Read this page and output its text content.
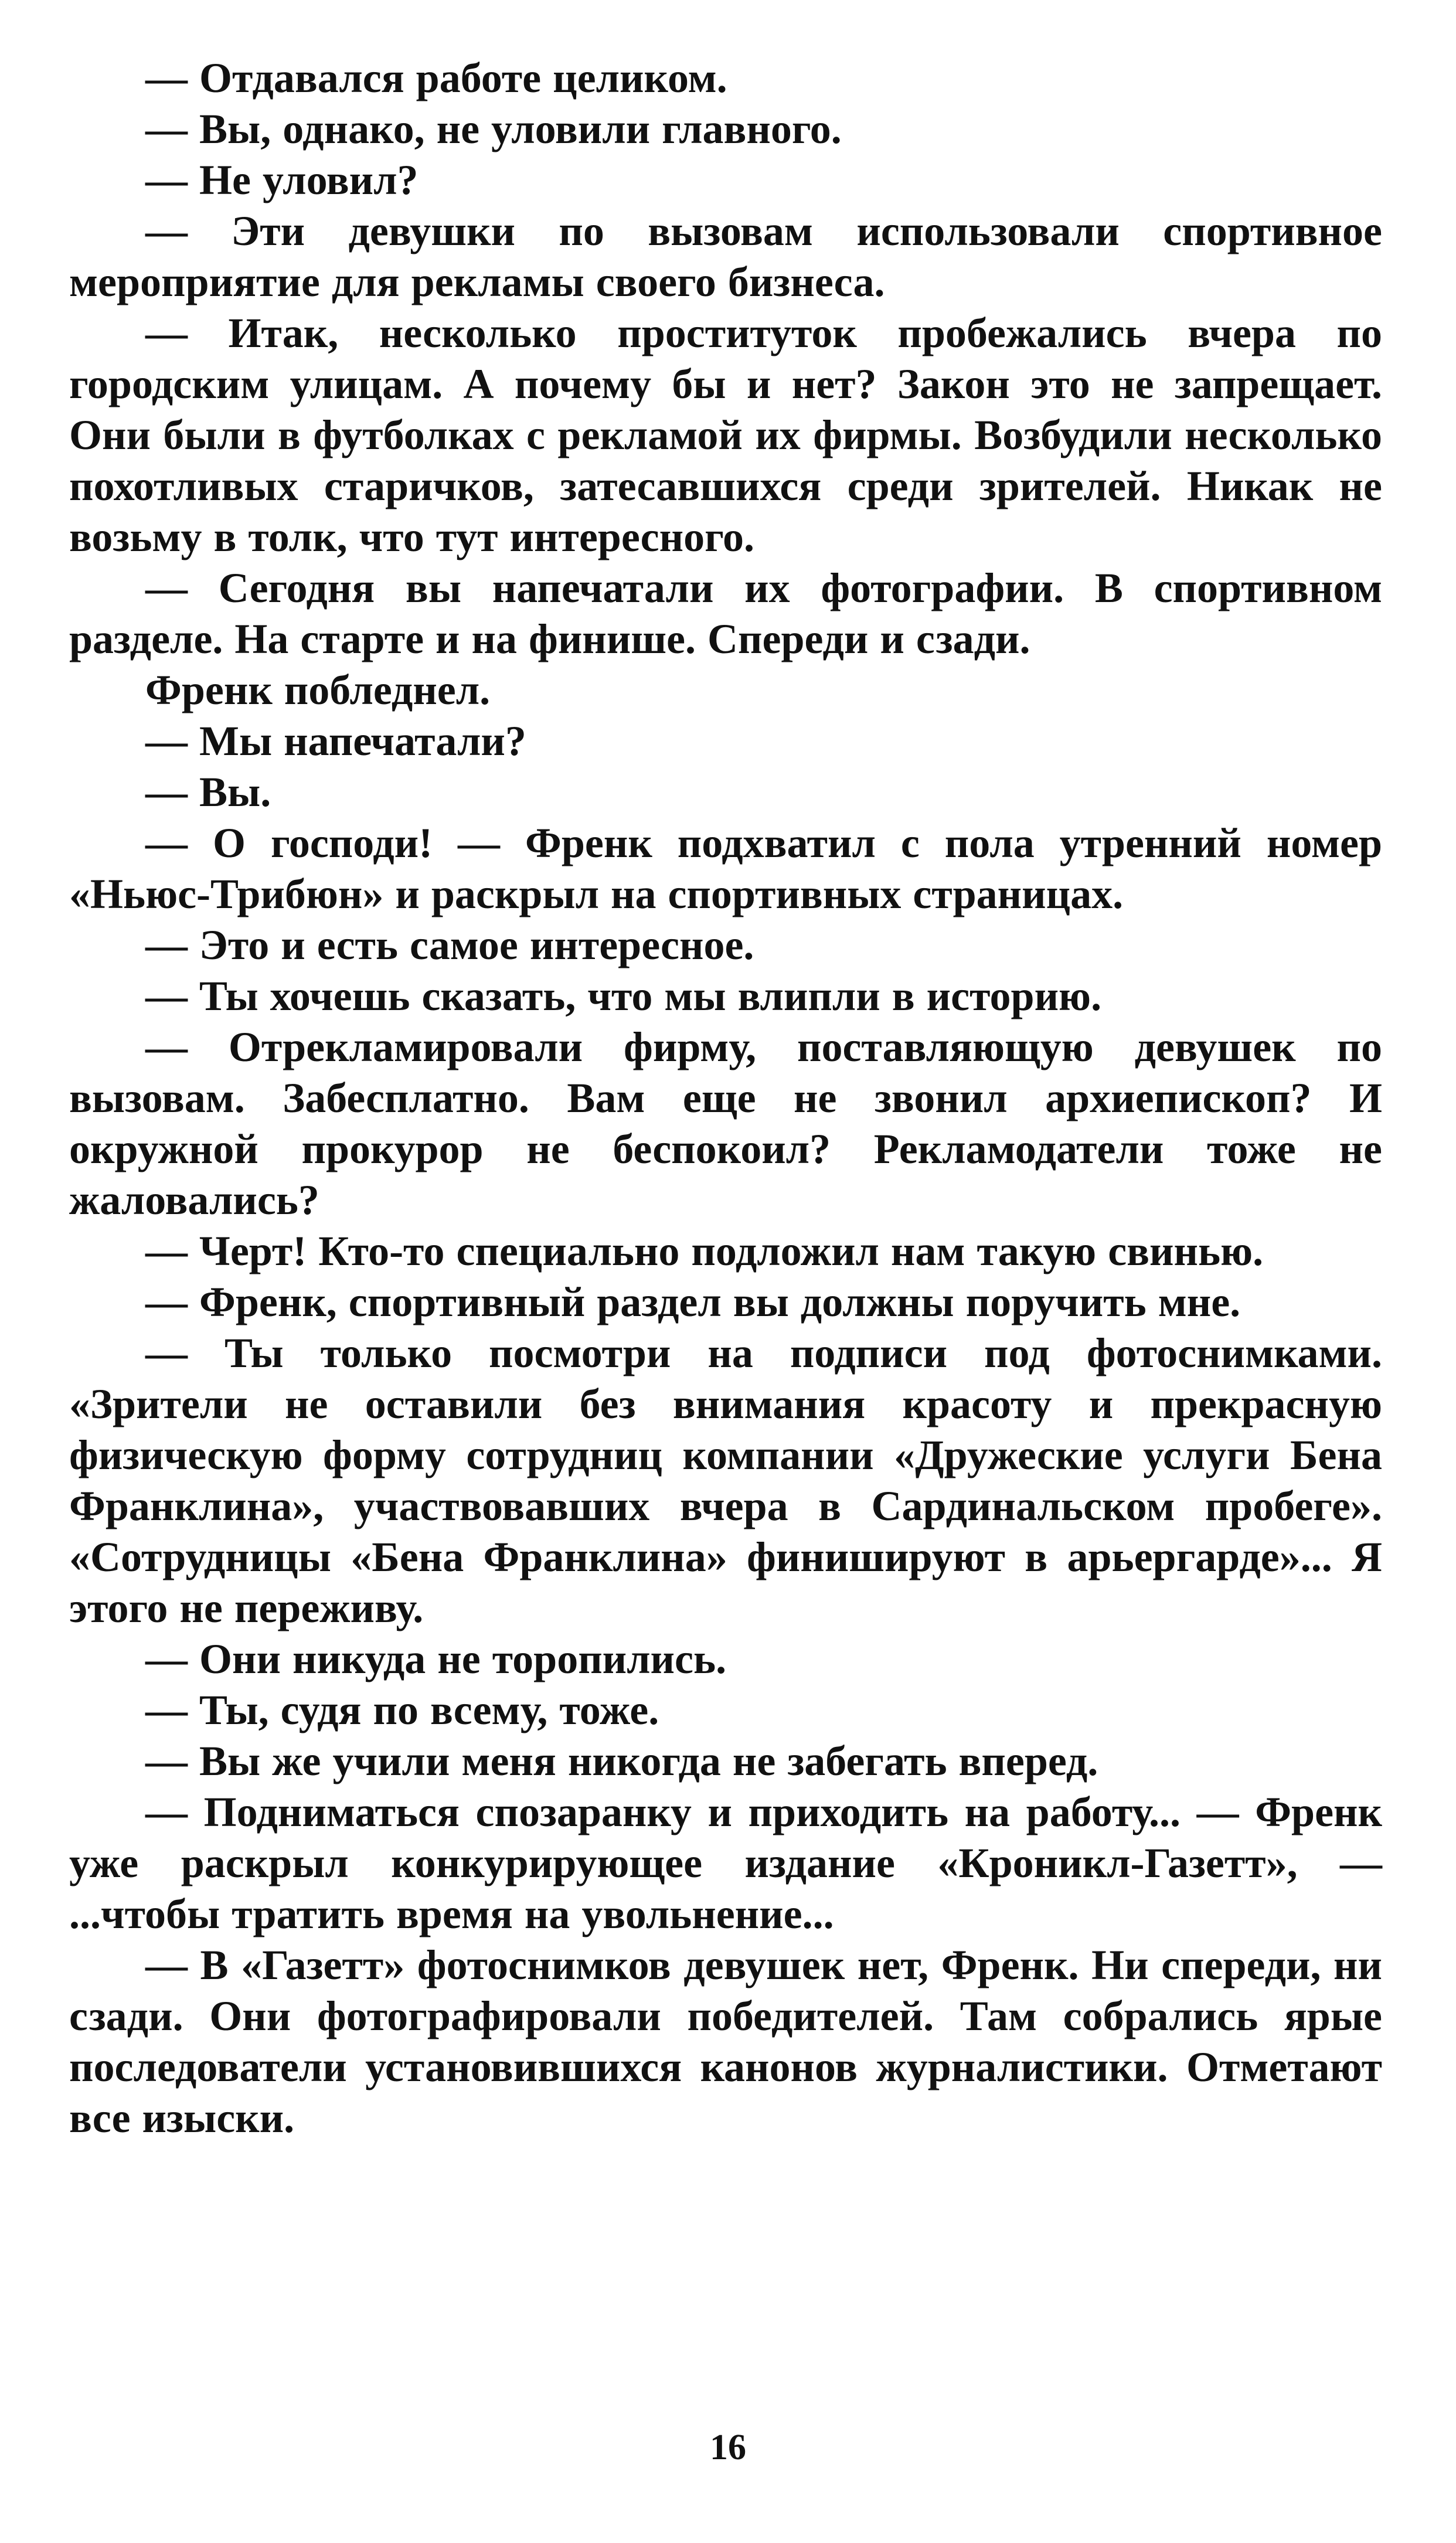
— Отдавался работе целиком.

— Вы, однако, не уловили главного.

— Не уловил?

— Эти девушки по вызовам использовали спортивное мероприятие для рекламы своего бизнеса.

— Итак, несколько проституток пробежались вчера по городским улицам. А почему бы и нет? Закон это не запрещает. Они были в футболках с рекламой их фирмы. Возбудили несколько похотливых старичков, затесавшихся среди зрителей. Никак не возьму в толк, что тут интересного.

— Сегодня вы напечатали их фотографии. В спортивном разделе. На старте и на финише. Спереди и сзади.

Френк побледнел.

— Мы напечатали?

— Вы.

— О господи! — Френк подхватил с пола утренний номер «Ньюс-Трибюн» и раскрыл на спортивных страницах.

— Это и есть самое интересное.

— Ты хочешь сказать, что мы влипли в историю.

— Отрекламировали фирму, поставляющую девушек по вызовам. Забесплатно. Вам еще не звонил архиепископ? И окружной прокурор не беспокоил? Рекламодатели тоже не жаловались?

— Черт! Кто-то специально подложил нам такую свинью.

— Френк, спортивный раздел вы должны поручить мне.

— Ты только посмотри на подписи под фотоснимками. «Зрители не оставили без внимания красоту и прекрасную физическую форму сотрудниц компании «Дружеские услуги Бена Франклина», участвовавших вчера в Сардинальском пробеге». «Сотрудницы «Бена Франклина» финишируют в арьергарде»... Я этого не переживу.

— Они никуда не торопились.

— Ты, судя по всему, тоже.

— Вы же учили меня никогда не забегать вперед.

— Подниматься спозаранку и приходить на работу... — Френк уже раскрыл конкурирующее издание «Кроникл-Газетт», — ...чтобы тратить время на увольнение...

— В «Газетт» фотоснимков девушек нет, Френк. Ни спереди, ни сзади. Они фотографировали победителей. Там собрались ярые последователи установившихся канонов журналистики. Отметают все изыски.

16
